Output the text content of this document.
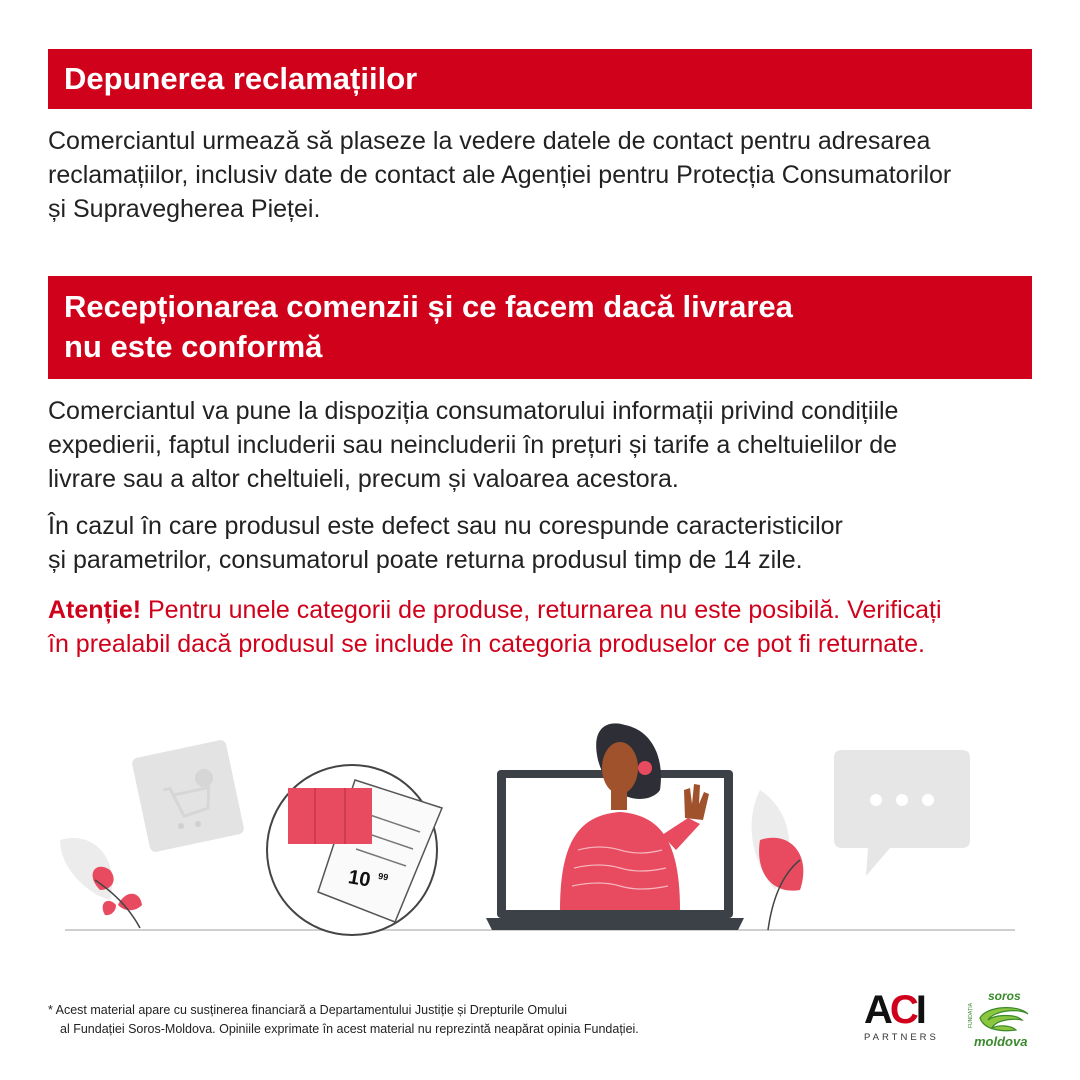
Depunerea reclamațiilor

Comerciantul urmează să plaseze la vedere datele de contact pentru adresarea
reclamațiilor, inclusiv date de contact ale Agenției pentru Protecția Consumatorilor
și Supravegherea Pieței.

Recepționarea comenzii și ce facem dacă livrarea
nu este conformă

Comerciantul va pune la dispoziția consumatorului informații privind condițiile
expedierii, faptul includerii sau neincluderii în prețuri și tarife a cheltuielilor de
livrare sau a altor cheltuieli, precum și valoarea acestora.

În cazul în care produsul este defect sau nu corespunde caracteristicilor
și parametrilor, consumatorul poate returna produsul timp de 14 zile.

Atenție! Pentru unele categorii de produse, returnarea nu este posibilă. Verificați
în prealabil dacă produsul se include în categoria produselor ce pot fi returnate.

10 99
* Acest material apare cu susținerea financiară a Departamentului Justiție și Drepturile Omului
al Fundației Soros-Moldova. Opiniile exprimate în acest material nu reprezintă neapărat opinia Fundației.	ACI
PARTNERS
FUNDAȚIA
soros
moldova
